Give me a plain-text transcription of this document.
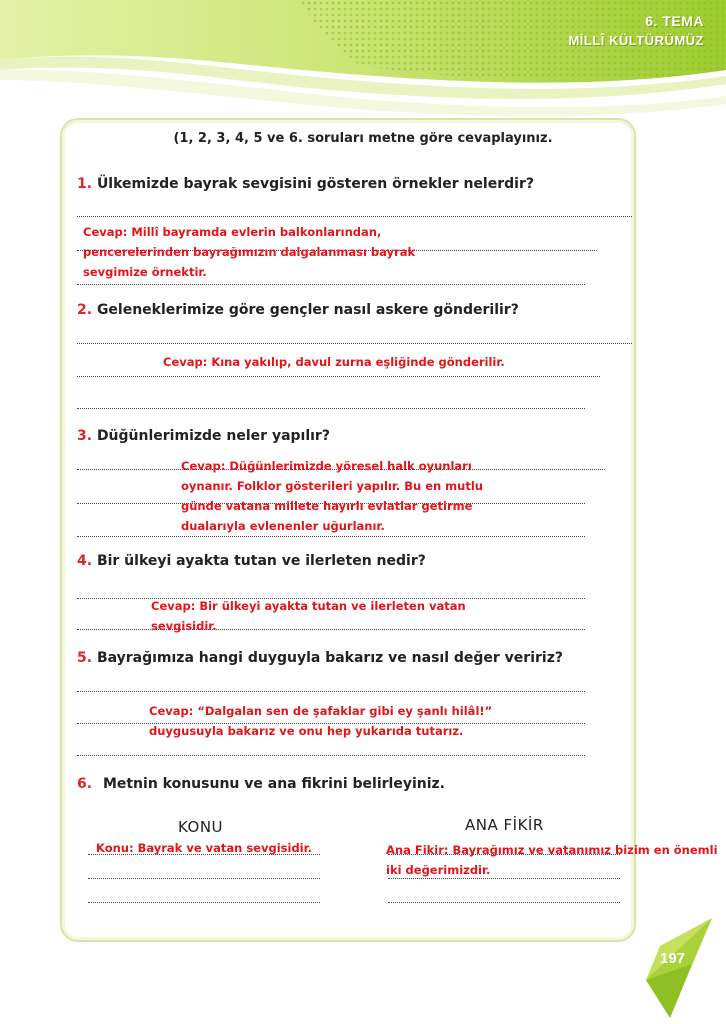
6. TEMA
MİLLÎ KÜLTÜRÜMÜZ
(1, 2, 3, 4, 5 ve 6. soruları metne göre cevaplayınız.
1. Ülkemizde bayrak sevgisini gösteren örnekler nelerdir?
Cevap: Millî bayramda evlerin balkonlarından,
pencerelerinden bayrağımızın dalgalanması bayrak
sevgimize örnektir.
2. Geleneklerimize göre gençler nasıl askere gönderilir?
Cevap: Kına yakılıp, davul zurna eşliğinde gönderilir.
3. Düğünlerimizde neler yapılır?
Cevap: Düğünlerimizde yöresel halk oyunları
oynanır. Folklor gösterileri yapılır. Bu en mutlu
günde vatana millete hayırlı evlatlar getirme
dualarıyla evlenenler uğurlanır.
4. Bir ülkeyi ayakta tutan ve ilerleten nedir?
Cevap: Bir ülkeyi ayakta tutan ve ilerleten vatan
sevgisidir.
5. Bayrağımıza hangi duyguyla bakarız ve nasıl değer veririz?
Cevap: “Dalgalan sen de şafaklar gibi ey şanlı hilâl!”
duygusuyla bakarız ve onu hep yukarıda tutarız.
6. Metnin konusunu ve ana fikrini belirleyiniz.
KONU
Konu: Bayrak ve vatan sevgisidir.
ANA FİKİR
Ana Fikir: Bayrağımız ve vatanımız bizim en önemli
iki değerimizdir.
197
